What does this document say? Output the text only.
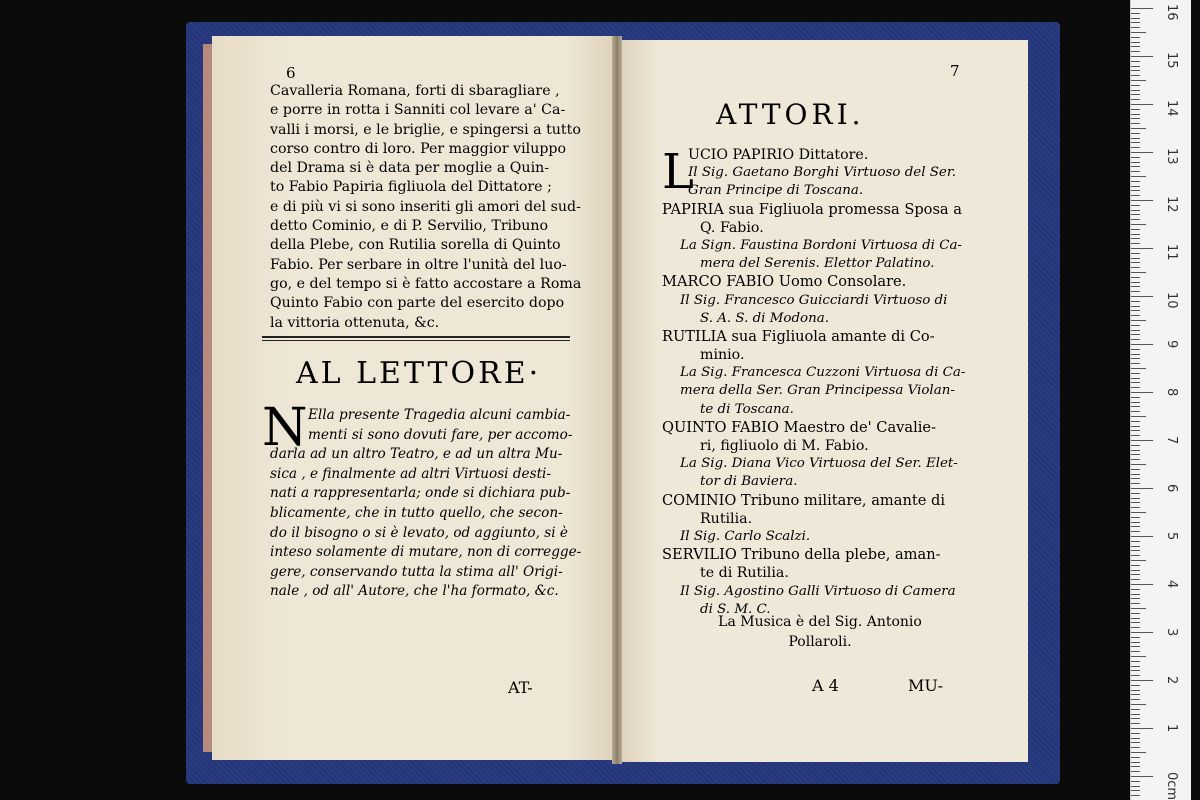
6
Cavalleria Romana, forti di sbaragliare ,
e porre in rotta i Sanniti col levare a' Ca-
valli i morsi, e le briglie, e spingersi a tutto
corso contro di loro. Per maggior viluppo
del Drama si è data per moglie a Quin-
to Fabio Papiria figliuola del Dittatore ;
e di più vi si sono inseriti gli amori del sud-
detto Cominio, e di P. Servilio, Tribuno
della Plebe, con Rutilia sorella di Quinto
Fabio. Per serbare in oltre l'unità del luo-
go, e del tempo si è fatto accostare a Roma
Quinto Fabio con parte del esercito dopo
la vittoria ottenuta, &c.
AL LETTORE·
N Ella presente Tragedia alcuni cambia-
menti si sono dovuti fare, per accomo-
darla ad un altro Teatro, e ad un altra Mu-
sica , e finalmente ad altri Virtuosi desti-
nati a rappresentarla; onde si dichiara pub-
blicamente, che in tutto quello, che secon-
do il bisogno o si è levato, od aggiunto, si è
inteso solamente di mutare, non di corregge-
gere, conservando tutta la stima all' Origi-
nale , od all' Autore, che l'ha formato, &c.
AT-
7
ATTORI.
L
UCIO PAPIRIO Dittatore.
Il Sig. Gaetano Borghi Virtuoso del Ser.
Gran Principe di Toscana.
PAPIRIA sua Figliuola promessa Sposa a
Q. Fabio.
La Sign. Faustina Bordoni Virtuosa di Ca-
mera del Serenis. Elettor Palatino.
MARCO FABIO Uomo Consolare.
Il Sig. Francesco Guicciardi Virtuoso di
S. A. S. di Modona.
RUTILIA sua Figliuola amante di Co-
minio.
La Sig. Francesca Cuzzoni Virtuosa di Ca-
mera della Ser. Gran Principessa Violan-
te di Toscana.
QUINTO FABIO Maestro de' Cavalie-
ri, figliuolo di M. Fabio.
La Sig. Diana Vico Virtuosa del Ser. Elet-
tor di Baviera.
COMINIO Tribuno militare, amante di
Rutilia.
Il Sig. Carlo Scalzi.
SERVILIO Tribuno della plebe, aman-
te di Rutilia.
Il Sig. Agostino Galli Virtuoso di Camera
di S. M. C.
La Musica è del Sig. Antonio
Pollaroli.
A 4	MU-
16
15
14
13
12
11
10
9
8
7
6
5
4
3
2
1
0cm
